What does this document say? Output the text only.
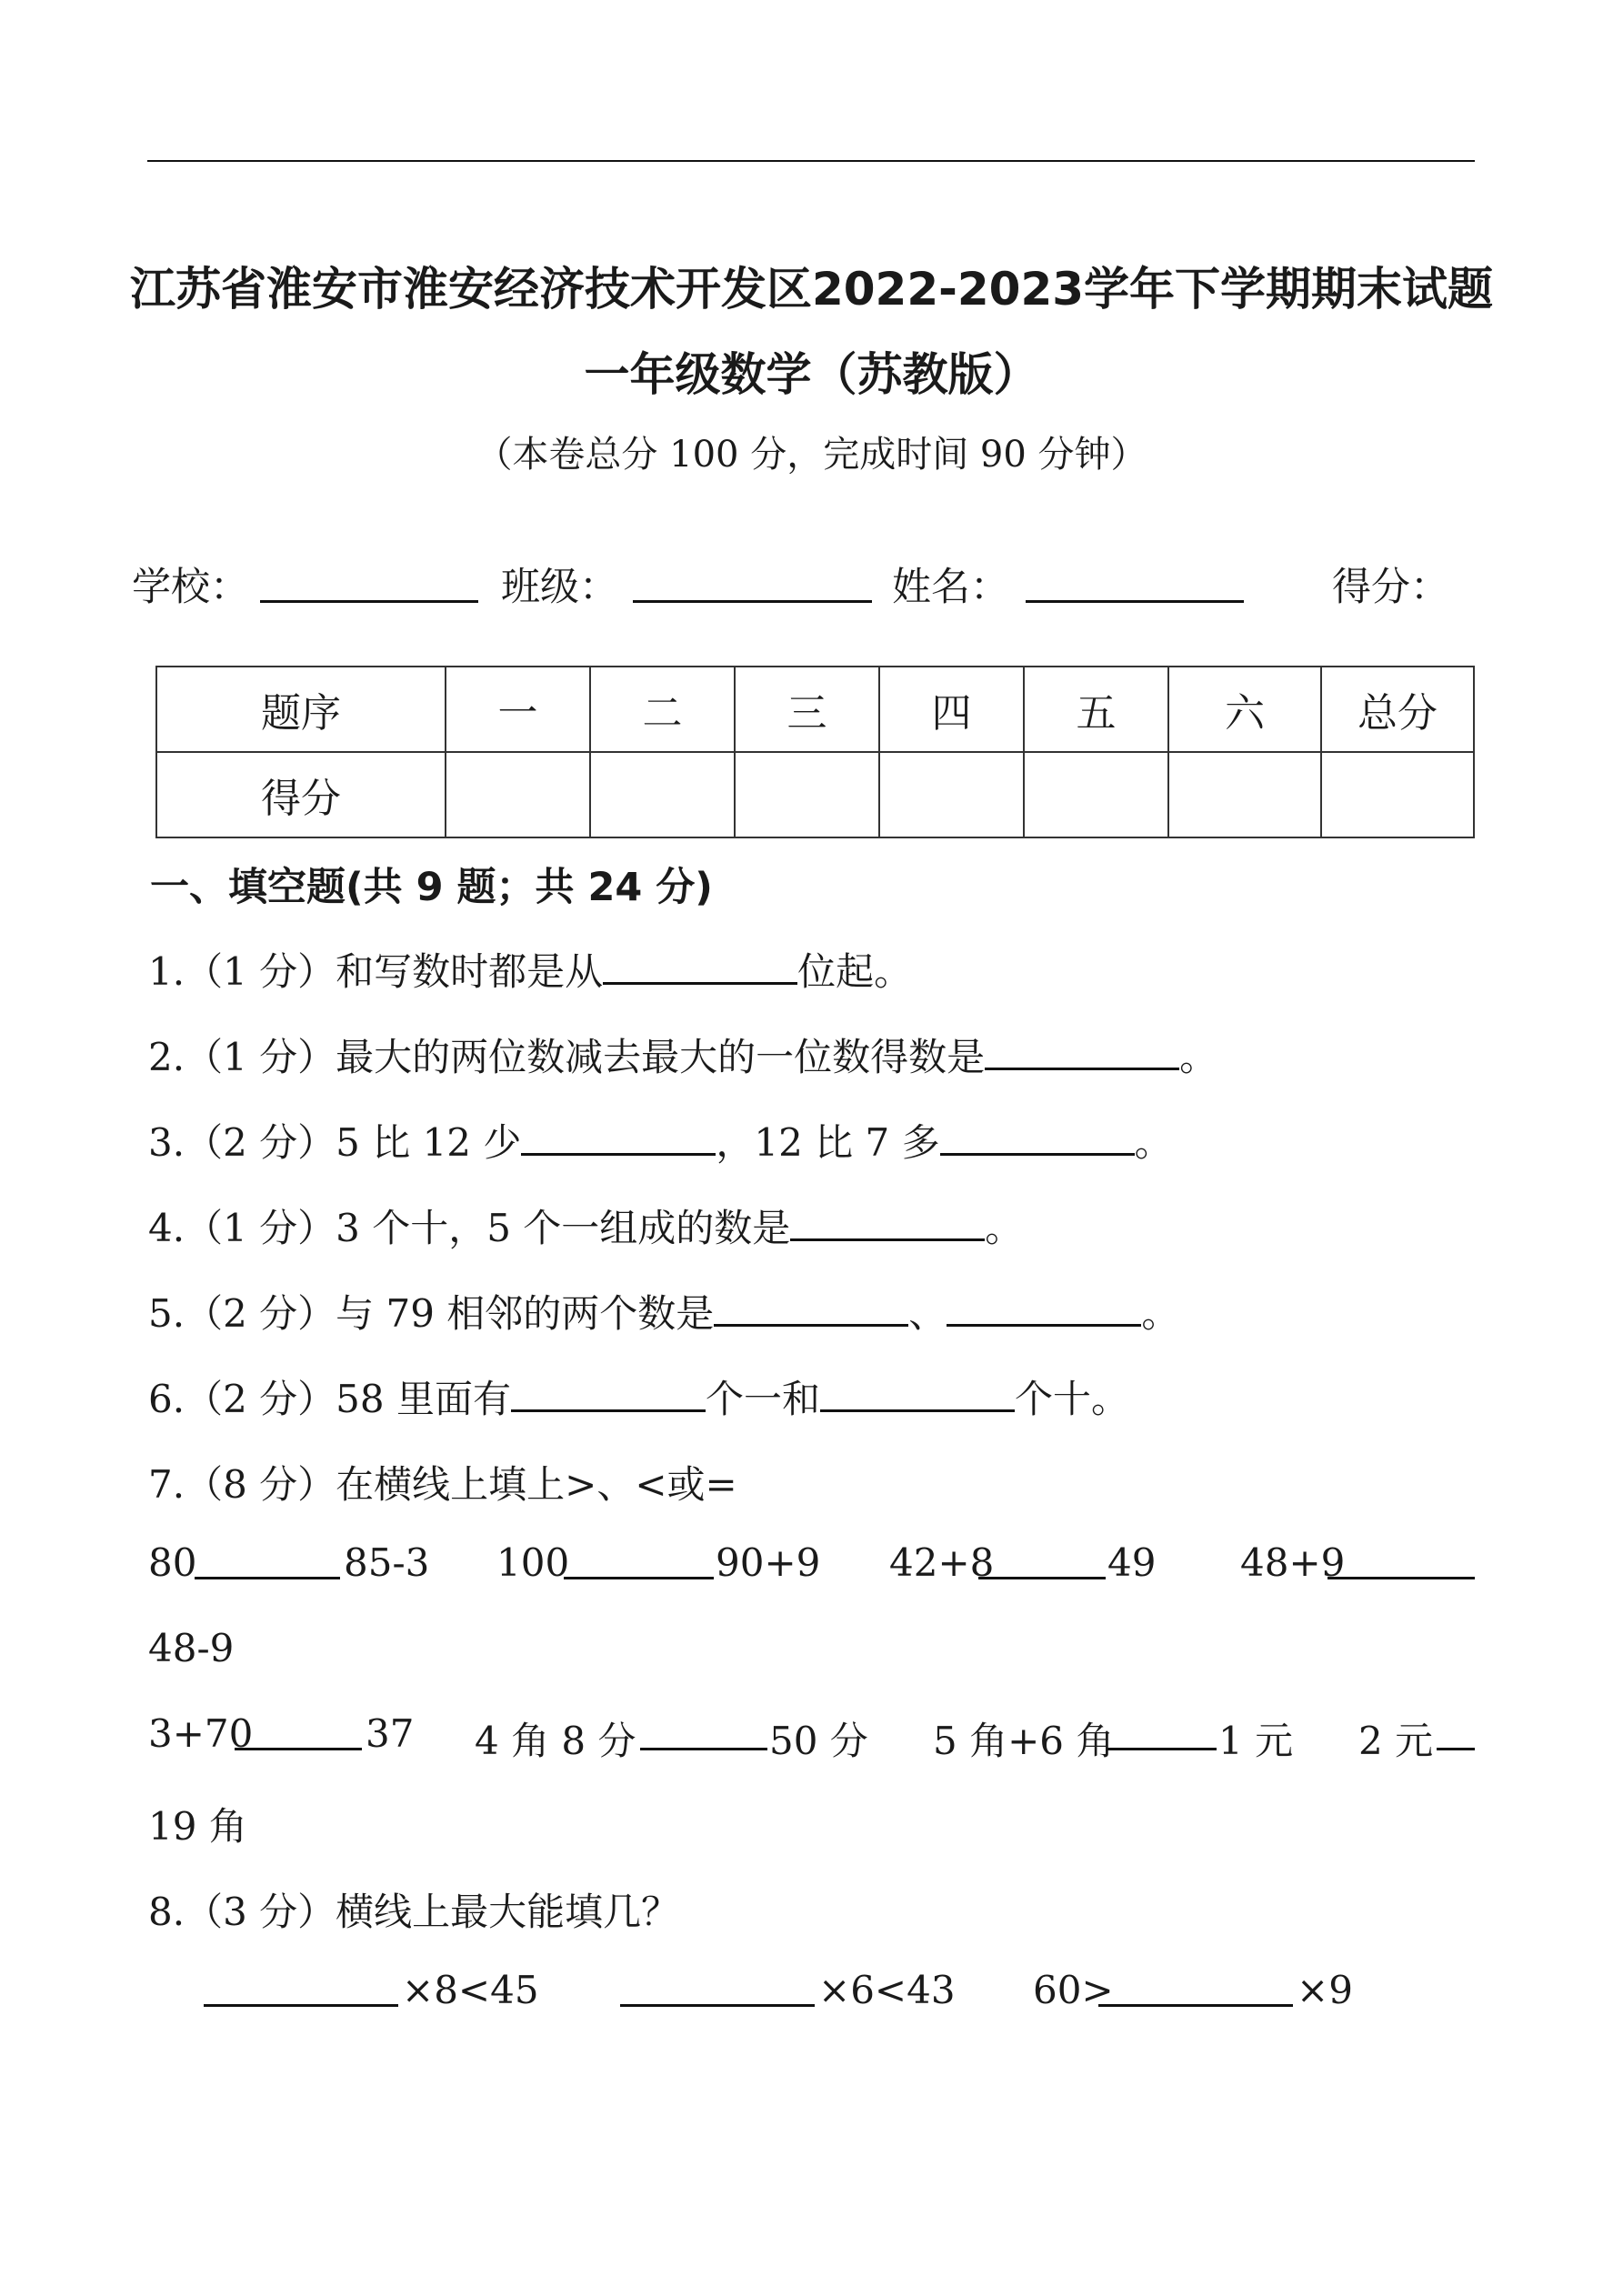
江苏省淮安市淮安经济技术开发区2022-2023学年下学期期末试题
一年级数学（苏教版）
（本卷总分 100 分，完成时间 90 分钟）
学校：	班级：	姓名：	得分：
题序	一	二	三	四	五	六	总分
得分							
一、填空题(共 9 题；共 24 分)
1.（1 分）和写数时都是从	位起。
2.（1 分）最大的两位数减去最大的一位数得数是	。
3.（2 分）5 比 12 少	，12 比 7 多	。
4.（1 分）3 个十，5 个一组成的数是	。
5.（2 分）与 79 相邻的两个数是	、	。
6.（2 分）58 里面有	个一和	个十。
7.（8 分）在横线上填上>、<或=
80	85-3 100	90+9 42+8	49 48+9
48-9
3+70	37 4 角 8 分	50 分 5 角+6 角	1 元 2 元
19 角
8.（3 分）横线上最大能填几？
×8<45	×6<43 60>	×9
